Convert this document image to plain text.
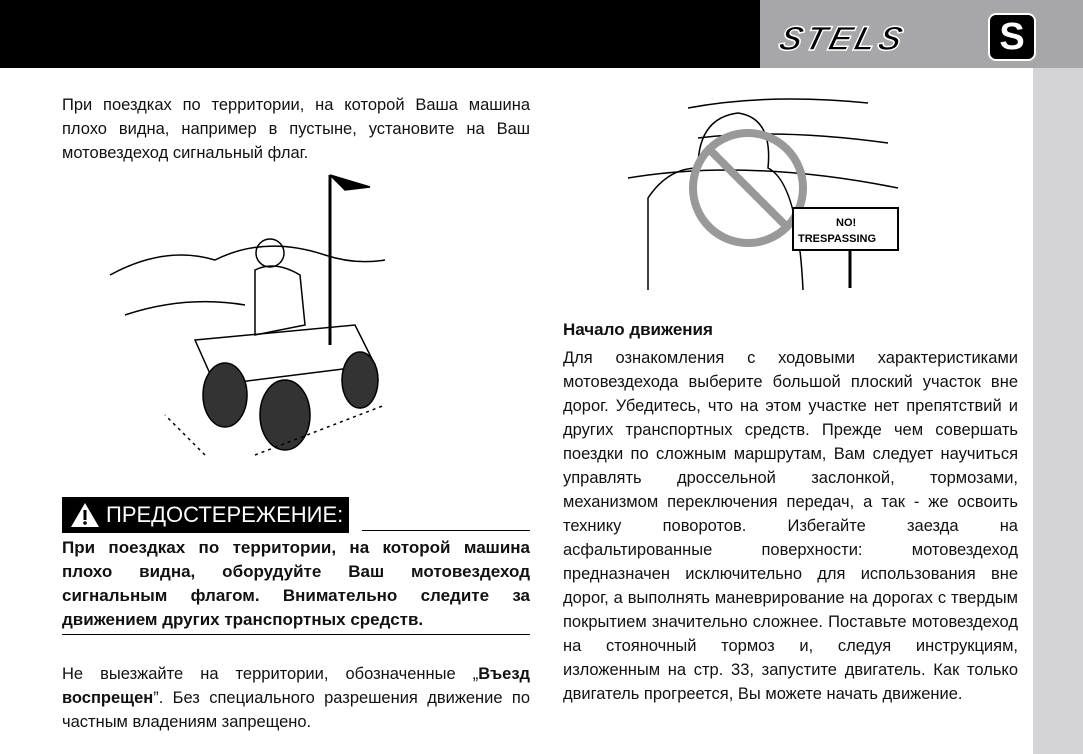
STELS S

При поездках по территории, на которой Ваша машина плохо видна, например в пустыне, установите на Ваш мотовездеход сигнальный флаг.

ПРЕДОСТЕРЕЖЕНИЕ:

При поездках по территории, на которой машина плохо видна, оборудуйте Ваш мотовездеход сигнальным флагом. Внимательно следите за движением других транспортных средств.

Не выезжайте на территории, обозначенные „Въезд воспрещен”. Без специального разрешения движение по частным владениям запрещено.

NO!
TRESPASSING
Начало движения

Для ознакомления с ходовыми характеристиками мотовездехода выберите большой плоский участок вне дорог. Убедитесь, что на этом участке нет препятствий и других транспортных средств. Прежде чем совершать поездки по сложным маршрутам, Вам следует научиться управлять дроссельной заслонкой, тормозами, механизмом переключения передач, а так - же освоить технику поворотов. Избегайте заезда на асфальтированные поверхности: мотовездеход предназначен исключительно для использования вне дорог, а выполнять маневрирование на дорогах с твердым покрытием значительно сложнее. Поставьте мотовездеход на стояночный тормоз и, следуя инструкциям, изложенным на стр. 33, запустите двигатель. Как только двигатель прогреется, Вы можете начать движение.
